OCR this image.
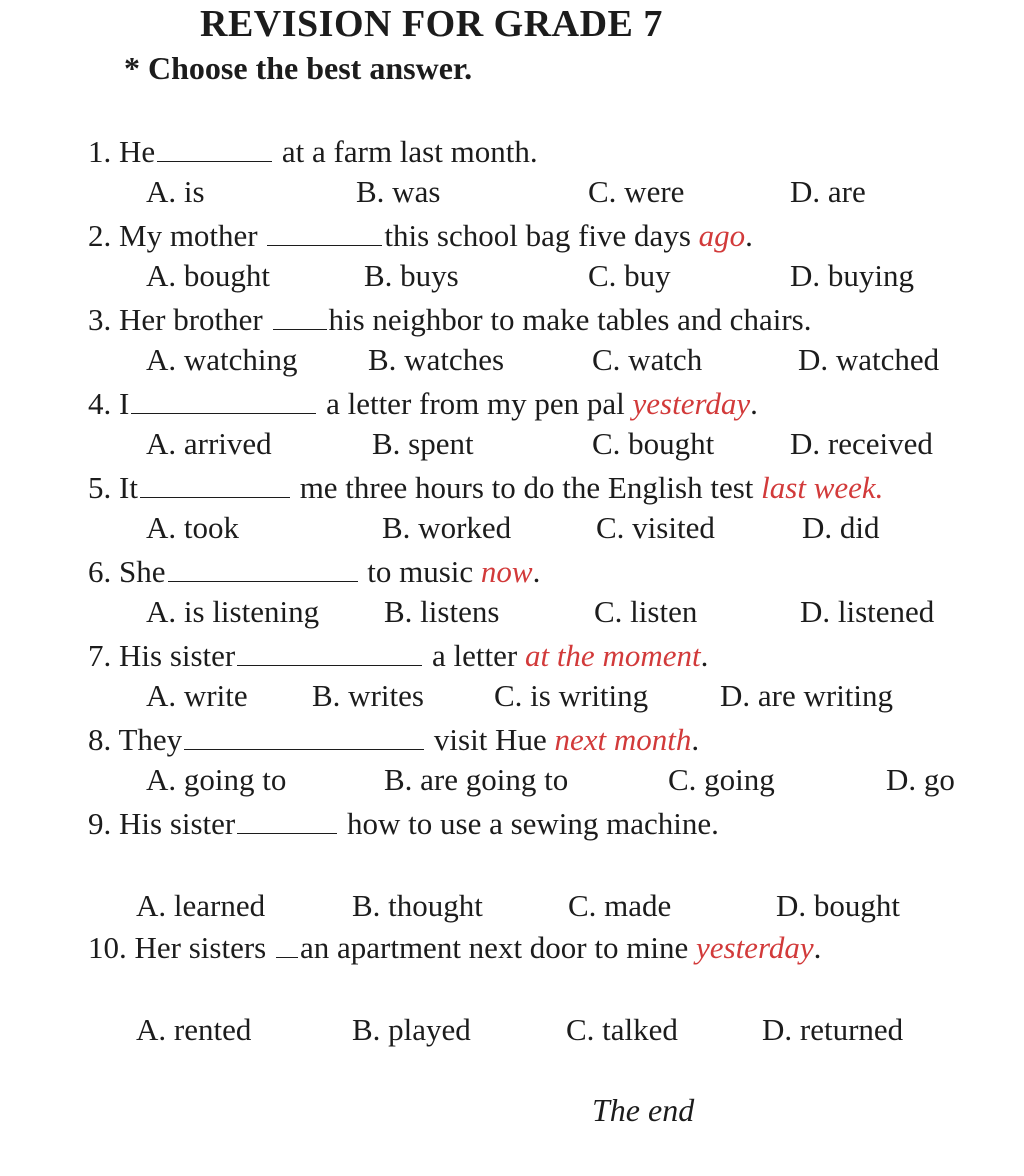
REVISION FOR GRADE 7
* Choose the best answer.
1. He	at a farm last month.
A. is	B. was	C. were	D. are
2. My mother	this school bag five days ago.
A. bought	B. buys	C. buy	D. buying
3. Her brother his neighbor to make tables and chairs.
A. watching B. watches	C. watch	D. watched
4. I	a letter from my pen pal yesterday.
A. arrived	B. spent	C. bought D. received
5. It	me three hours to do the English test last week.
A. took	B. worked	C. visited	D. did
6. She	to music now.
A. is listening B. listens	C. listen	D. listened
7. His sister	a letter at the moment.
A. write B. writes C. is writing D. are writing
8. They	visit Hue next month.
A. going to	B. are going to	C. going	D. go
9. His sister	how to use a sewing machine.
A. learned	B. thought	C. made	D. bought
10. Her sisters an apartment next door to mine yesterday.
A. rented	B. played	C. talked	D. returned
The end
